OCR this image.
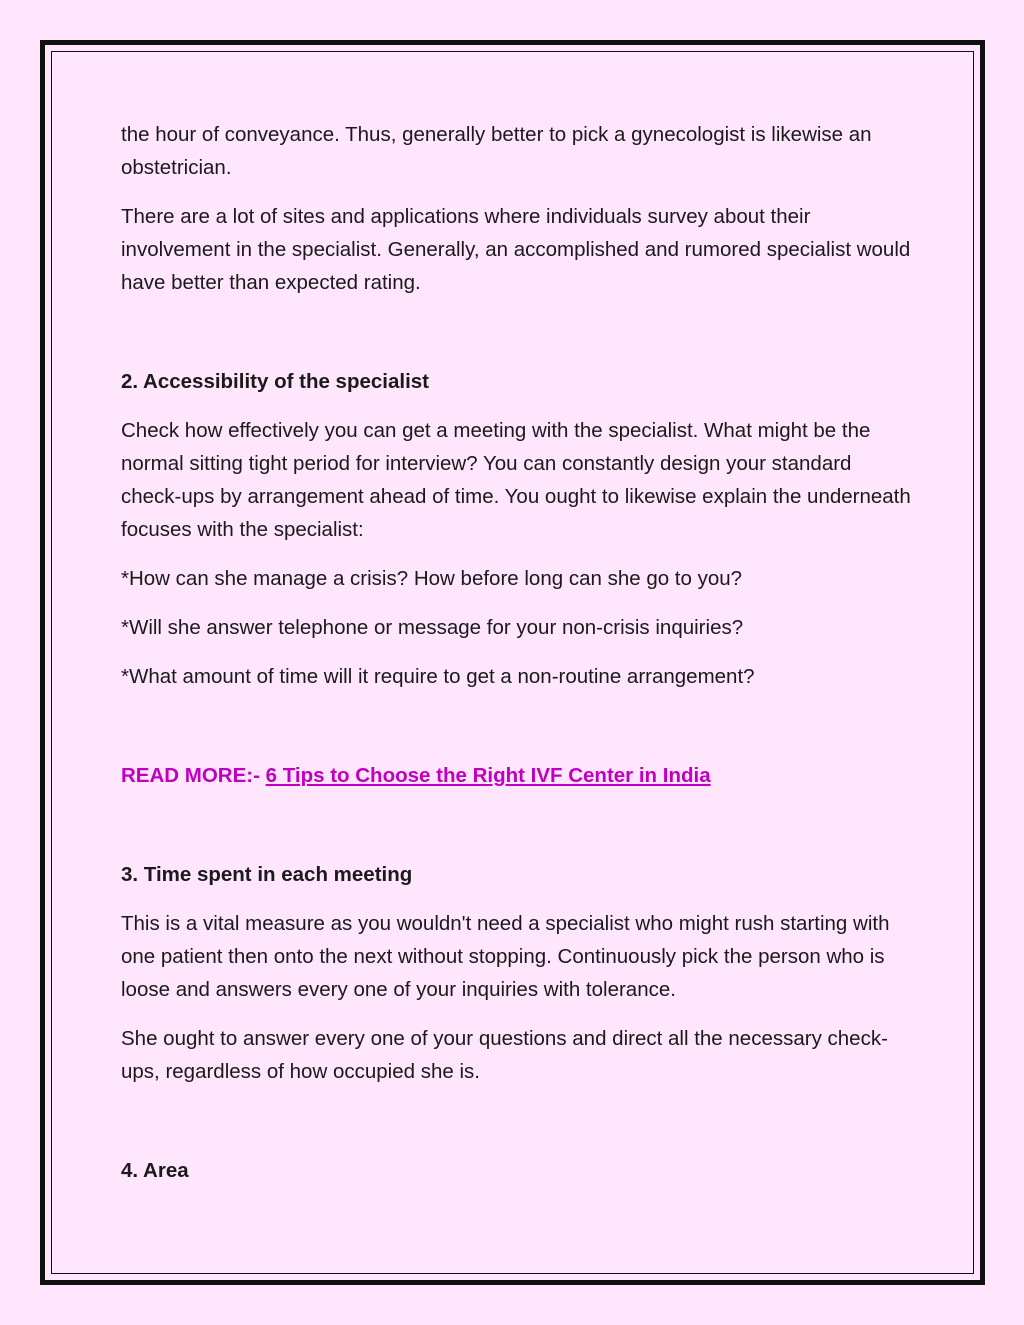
the hour of conveyance. Thus, generally better to pick a gynecologist is likewise an obstetrician.

There are a lot of sites and applications where individuals survey about their involvement in the specialist. Generally, an accomplished and rumored specialist would have better than expected rating.

2. Accessibility of the specialist

Check how effectively you can get a meeting with the specialist. What might be the normal sitting tight period for interview? You can constantly design your standard check-ups by arrangement ahead of time. You ought to likewise explain the underneath focuses with the specialist:

*How can she manage a crisis? How before long can she go to you?

*Will she answer telephone or message for your non-crisis inquiries?

*What amount of time will it require to get a non-routine arrangement?

READ MORE:- 6 Tips to Choose the Right IVF Center in India

3. Time spent in each meeting

This is a vital measure as you wouldn't need a specialist who might rush starting with one patient then onto the next without stopping. Continuously pick the person who is loose and answers every one of your inquiries with tolerance.

She ought to answer every one of your questions and direct all the necessary check-ups, regardless of how occupied she is.

4. Area
